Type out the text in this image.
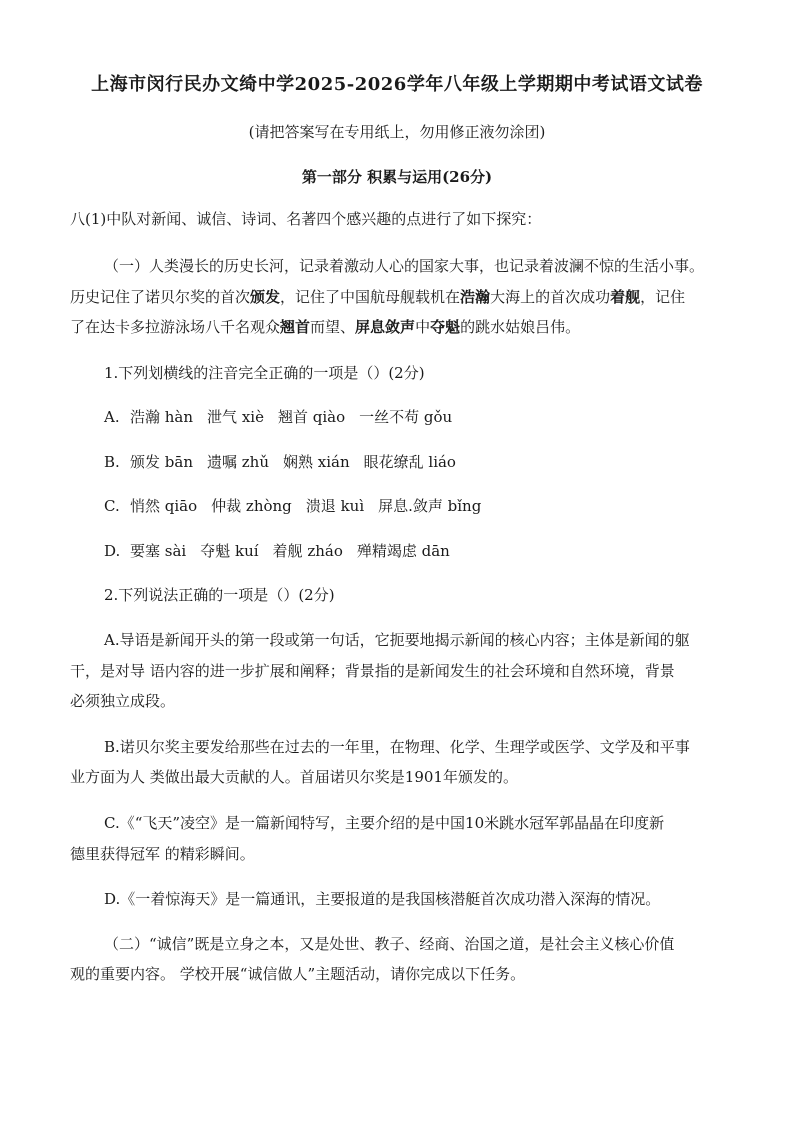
上海市闵行民办文绮中学2025-2026学年八年级上学期期中考试语文试卷
(请把答案写在专用纸上，勿用修正液勿涂团)
第一部分 积累与运用(26分)
八(1)中队对新闻、诚信、诗词、名著四个感兴趣的点进行了如下探究：
（一）人类漫长的历史长河，记录着激动人心的国家大事，也记录着波澜不惊的生活小事。
历史记住了诺贝尔奖的首次颁发，记住了中国航母舰载机在浩瀚大海上的首次成功着舰，记住
了在达卡多拉游泳场八千名观众翘首而望、屏息敛声中夺魁的跳水姑娘吕伟。
1.下列划横线的注音完全正确的一项是（）(2分)
A. 浩瀚 hàn 泄气 xiè 翘首 qiào 一丝不苟 gǒu
B. 颁发 bān 遗嘱 zhǔ 娴熟 xián 眼花缭乱 liáo
C. 悄然 qiāo 仲裁 zhòng 溃退 kuì 屏息.敛声 bǐng
D. 要塞 sài 夺魁 kuí 着舰 zháo 殚精竭虑 dān
2.下列说法正确的一项是（）(2分)
A.导语是新闻开头的第一段或第一句话，它扼要地揭示新闻的核心内容；主体是新闻的躯
干，是对导 语内容的进一步扩展和阐释；背景指的是新闻发生的社会环境和自然环境，背景
必须独立成段。
B.诺贝尔奖主要发给那些在过去的一年里，在物理、化学、生理学或医学、文学及和平事
业方面为人 类做出最大贡献的人。首届诺贝尔奖是1901年颁发的。
C.《“飞天”凌空》是一篇新闻特写，主要介绍的是中国10米跳水冠军郭晶晶在印度新
德里获得冠军 的精彩瞬间。
D.《一着惊海天》是一篇通讯，主要报道的是我国核潜艇首次成功潜入深海的情况。
（二）“诚信”既是立身之本，又是处世、教子、经商、治国之道，是社会主义核心价值
观的重要内容。 学校开展“诚信做人”主题活动，请你完成以下任务。
